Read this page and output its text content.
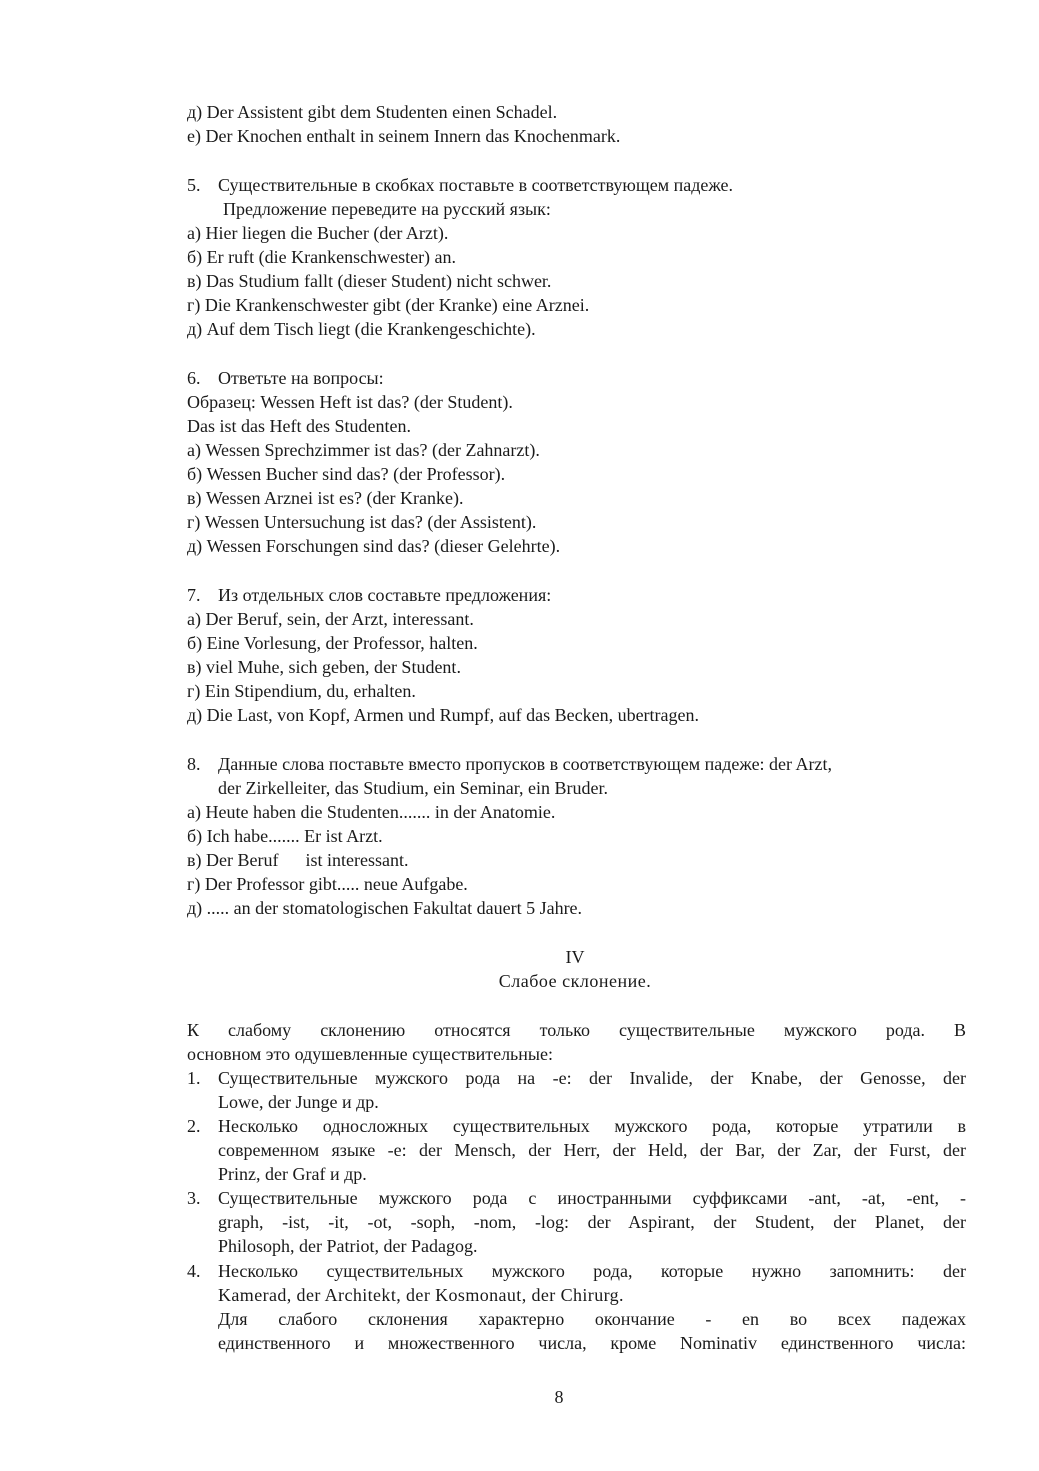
д) Der Assistent gibt dem Studenten einen Schadel.
е) Der Knochen enthalt in seinem Innern das Knochenmark.
5. Существительные в скобках поставьте в соответствующем падеже.
Предложение переведите на русский язык:
а) Hier liegen die Bucher (der Arzt).
б) Er ruft (die Krankenschwester) an.
в) Das Studium fallt (dieser Student) nicht schwer.
г) Die Krankenschwester gibt (der Kranke) eine Arznei.
д) Auf dem Tisch liegt (die Krankengeschichte).
6. Ответьте на вопросы:
Образец: Wessen Heft ist das? (der Student).
Das ist das Heft des Studenten.
а) Wessen Sprechzimmer ist das? (der Zahnarzt).
б) Wessen Bucher sind das? (der Professor).
в) Wessen Arznei ist es? (der Kranke).
г) Wessen Untersuchung ist das? (der Assistent).
д) Wessen Forschungen sind das? (dieser Gelehrte).
7. Из отдельных слов составьте предложения:
а) Der Beruf, sein, der Arzt, interessant.
б) Eine Vorlesung, der Professor, halten.
в) viel Muhe, sich geben, der Student.
г) Ein Stipendium, du, erhalten.
д) Die Last, von Kopf, Armen und Rumpf, auf das Becken, ubertragen.
8. Данные слова поставьте вместо пропусков в соответствующем падеже: der Arzt,
der Zirkelleiter, das Studium, ein Seminar, ein Bruder.
а) Heute haben die Studenten....... in der Anatomie.
б) Ich habe....... Er ist Arzt.
в) Der Beruf      ist interessant.
г) Der Professor gibt..... neue Aufgabe.
д) ..... an der stomatologischen Fakultat dauert 5 Jahre.
IV
Слабое склонение.
К слабому склонению относятся только существительные мужского рода. В
основном это одушевленные существительные:
1. Существительные мужского рода на -е: der Invalide, der Knabe, der Genosse, der
Lowe, der Junge и др.
2. Несколько односложных существительных мужского рода, которые утратили в
современном языке -е: der Mensch, der Herr, der Held, der Bar, der Zar, der Furst, der
Prinz, der Graf и др.
3. Существительные мужского рода с иностранными суффиксами -ant, -at, -ent, -
graph, -ist, -it, -ot, -soph, -nom, -log: der Aspirant, der Student, der Planet, der
Philosoph, der Patriot, der Padagog.
4. Несколько существительных мужского рода, которые нужно запомнить: der
Kamerad, der Architekt, der Kosmonaut, der Chirurg.
Для слабого склонения характерно окончание - en во всех падежах
единственного и множественного числа, кроме Nominativ единственного числа:
8
